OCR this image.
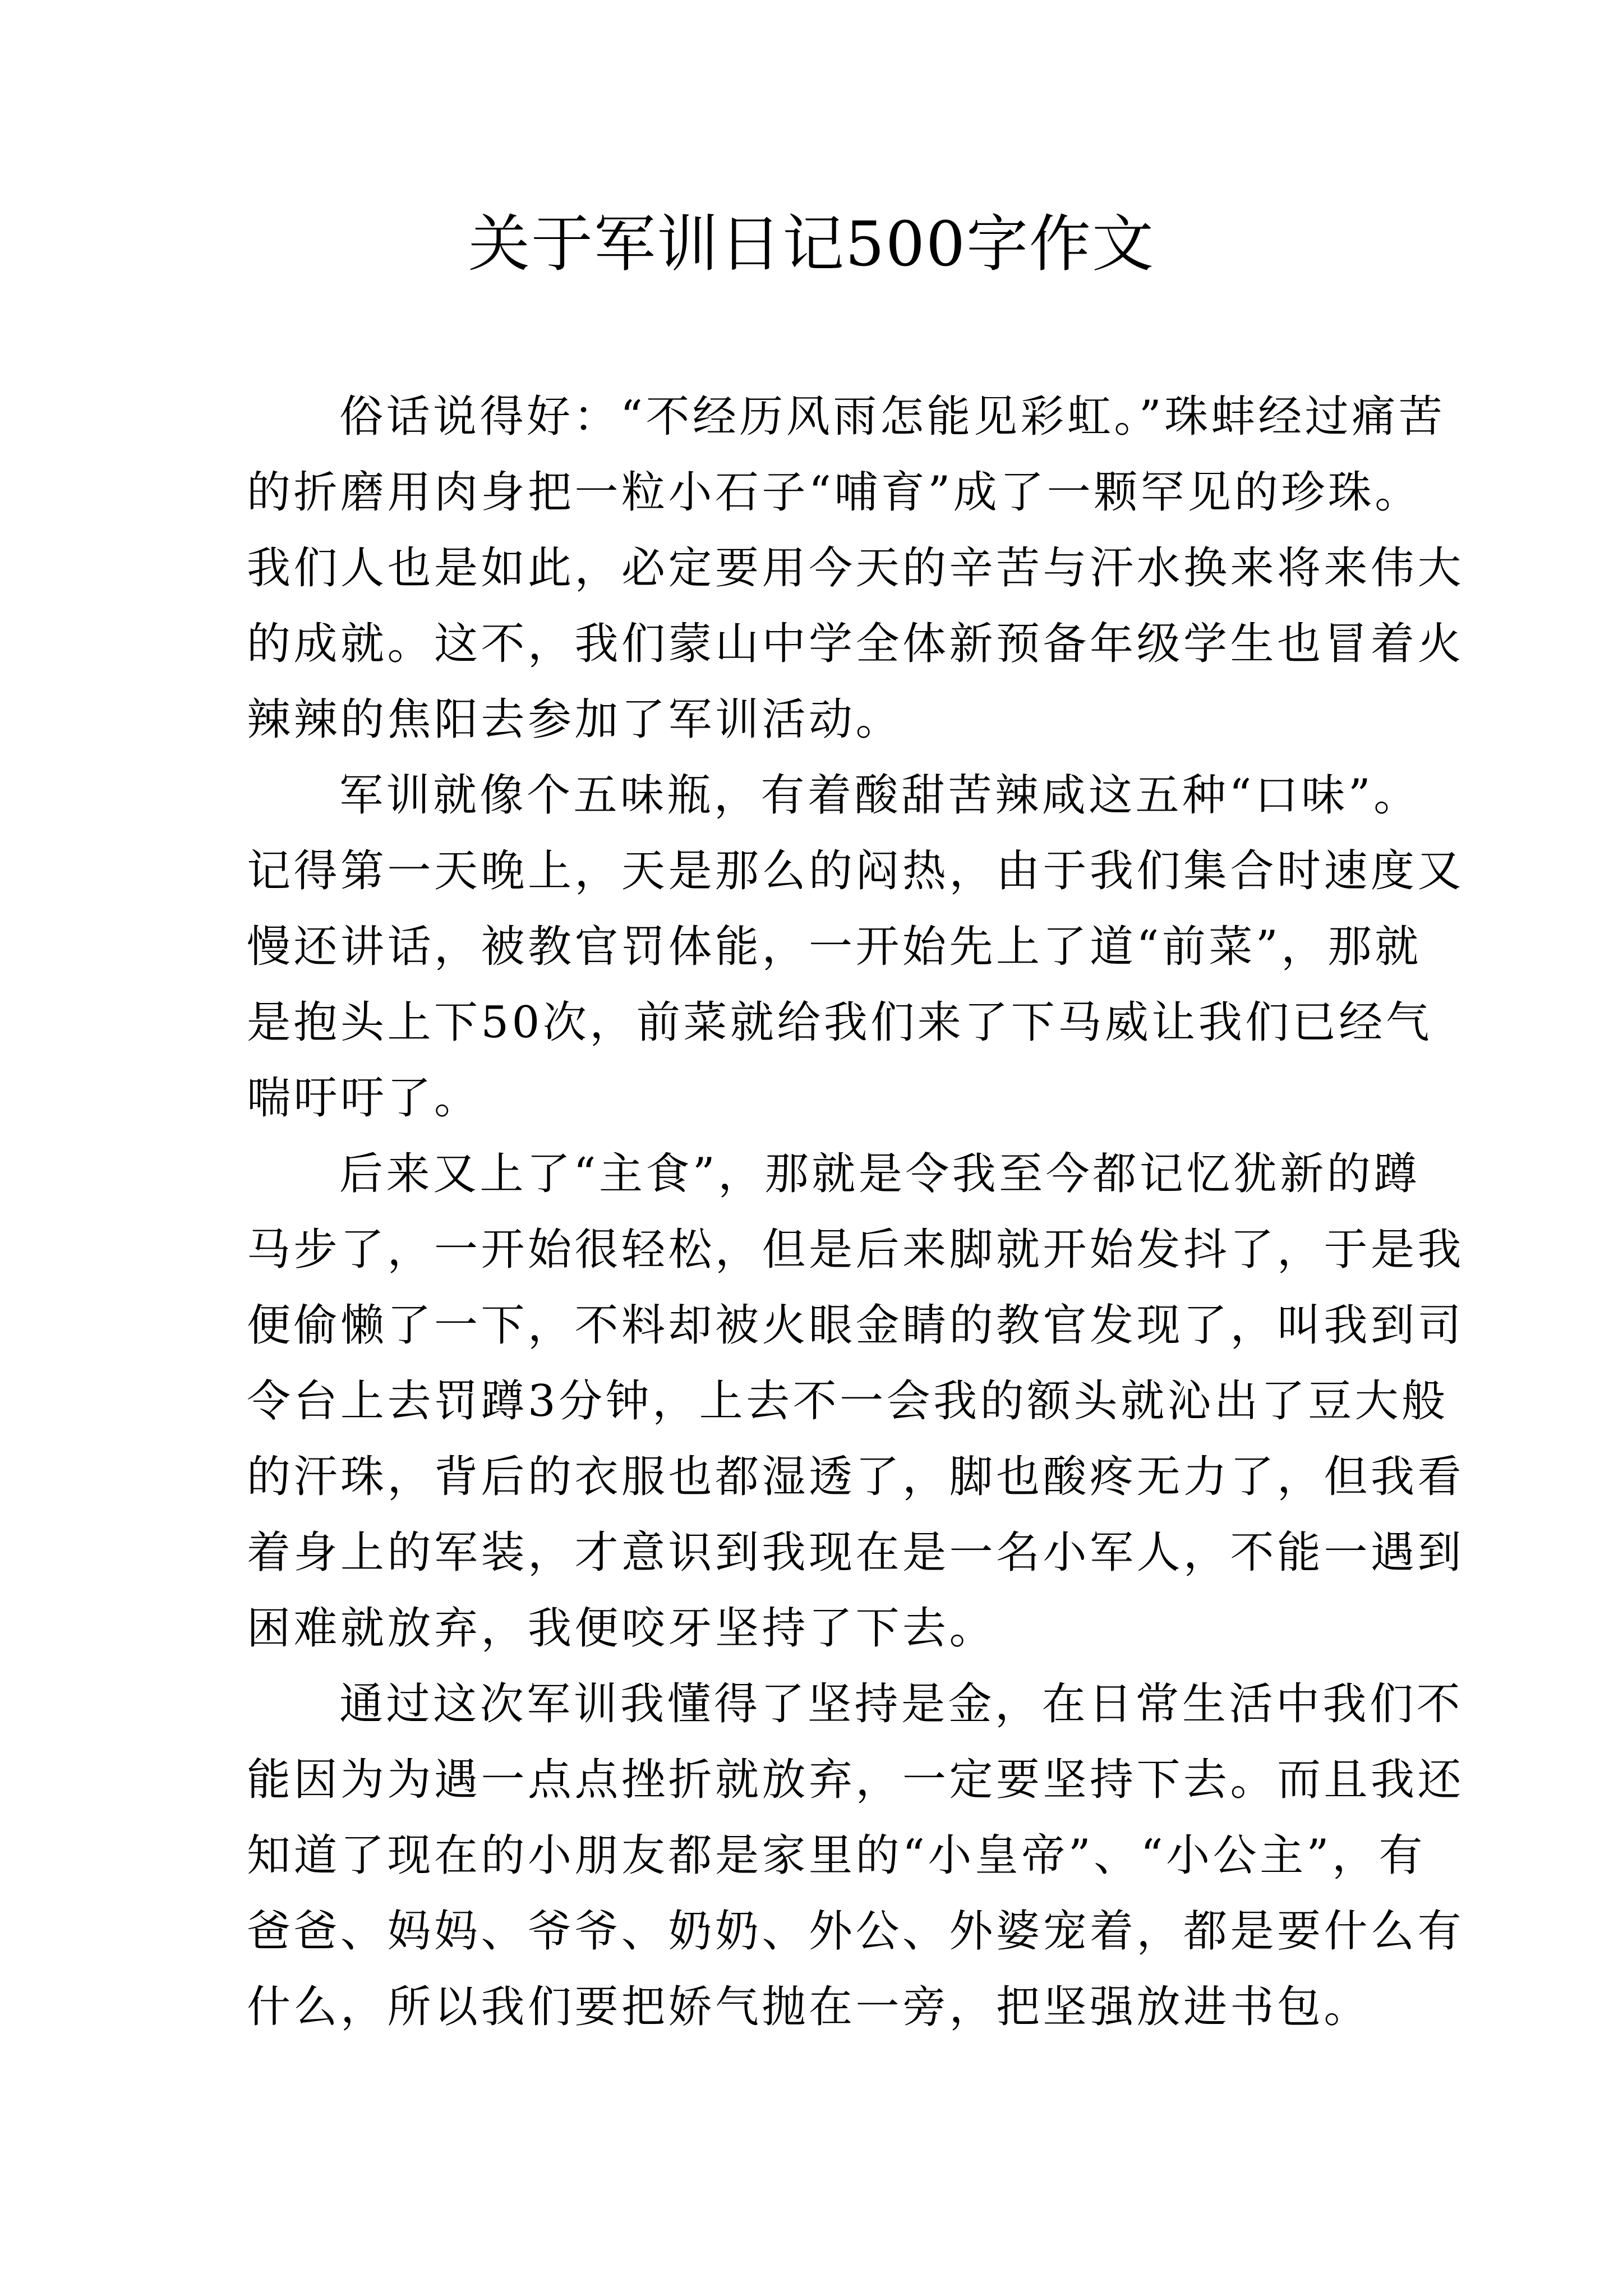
关于军训日记500字作文
俗话说得好：“不经历风雨怎能见彩虹。”珠蚌经过痛苦
的折磨用肉身把一粒小石子“哺育”成了一颗罕见的珍珠。
我们人也是如此，必定要用今天的辛苦与汗水换来将来伟大
的成就。这不，我们蒙山中学全体新预备年级学生也冒着火
辣辣的焦阳去参加了军训活动。
军训就像个五味瓶，有着酸甜苦辣咸这五种“口味”。
记得第一天晚上，天是那么的闷热，由于我们集合时速度又
慢还讲话，被教官罚体能，一开始先上了道“前菜”，那就
是抱头上下50次，前菜就给我们来了下马威让我们已经气
喘吁吁了。
后来又上了“主食”，那就是令我至今都记忆犹新的蹲
马步了，一开始很轻松，但是后来脚就开始发抖了，于是我
便偷懒了一下，不料却被火眼金睛的教官发现了，叫我到司
令台上去罚蹲3分钟，上去不一会我的额头就沁出了豆大般
的汗珠，背后的衣服也都湿透了，脚也酸疼无力了，但我看
着身上的军装，才意识到我现在是一名小军人，不能一遇到
困难就放弃，我便咬牙坚持了下去。
通过这次军训我懂得了坚持是金，在日常生活中我们不
能因为为遇一点点挫折就放弃，一定要坚持下去。而且我还
知道了现在的小朋友都是家里的“小皇帝”、“小公主”，有
爸爸、妈妈、爷爷、奶奶、外公、外婆宠着，都是要什么有
什么，所以我们要把娇气抛在一旁，把坚强放进书包。
